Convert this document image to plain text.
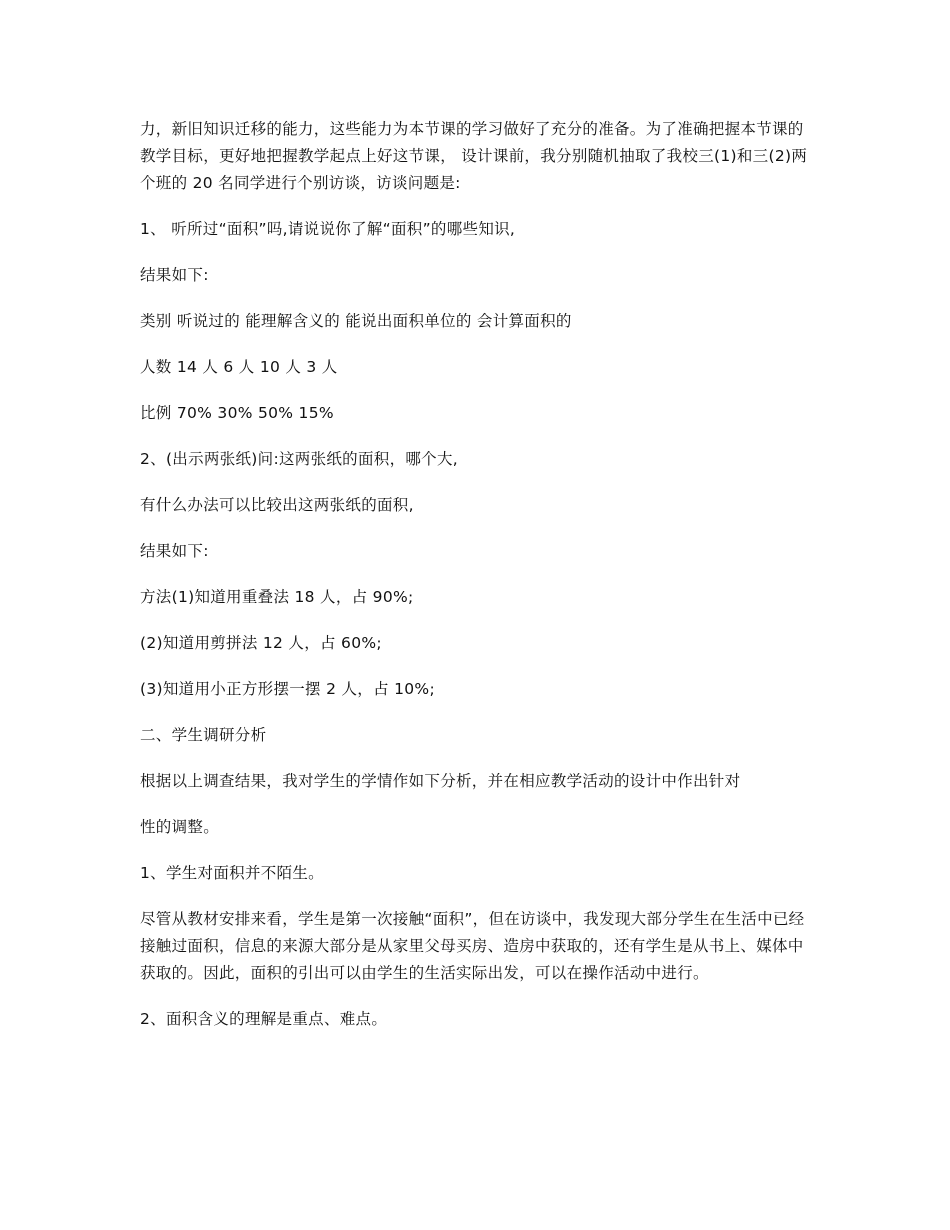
力，新旧知识迁移的能力，这些能力为本节课的学习做好了充分的准备。为了准确把握本节课的教学目标，更好地把握教学起点上好这节课， 设计课前，我分别随机抽取了我校三(1)和三(2)两个班的 20 名同学进行个别访谈，访谈问题是:

1、 听所过“面积”吗,请说说你了解“面积”的哪些知识,

结果如下:

类别 听说过的 能理解含义的 能说出面积单位的 会计算面积的

人数 14 人 6 人 10 人 3 人

比例 70% 30% 50% 15%

2、(出示两张纸)问:这两张纸的面积，哪个大,

有什么办法可以比较出这两张纸的面积,

结果如下:

方法(1)知道用重叠法 18 人，占 90%;

(2)知道用剪拼法 12 人，占 60%;

(3)知道用小正方形摆一摆 2 人，占 10%;

二、学生调研分析

根据以上调查结果，我对学生的学情作如下分析，并在相应教学活动的设计中作出针对

性的调整。

1、学生对面积并不陌生。

尽管从教材安排来看，学生是第一次接触“面积”，但在访谈中，我发现大部分学生在生活中已经接触过面积，信息的来源大部分是从家里父母买房、造房中获取的，还有学生是从书上、媒体中获取的。因此，面积的引出可以由学生的生活实际出发，可以在操作活动中进行。

2、面积含义的理解是重点、难点。
